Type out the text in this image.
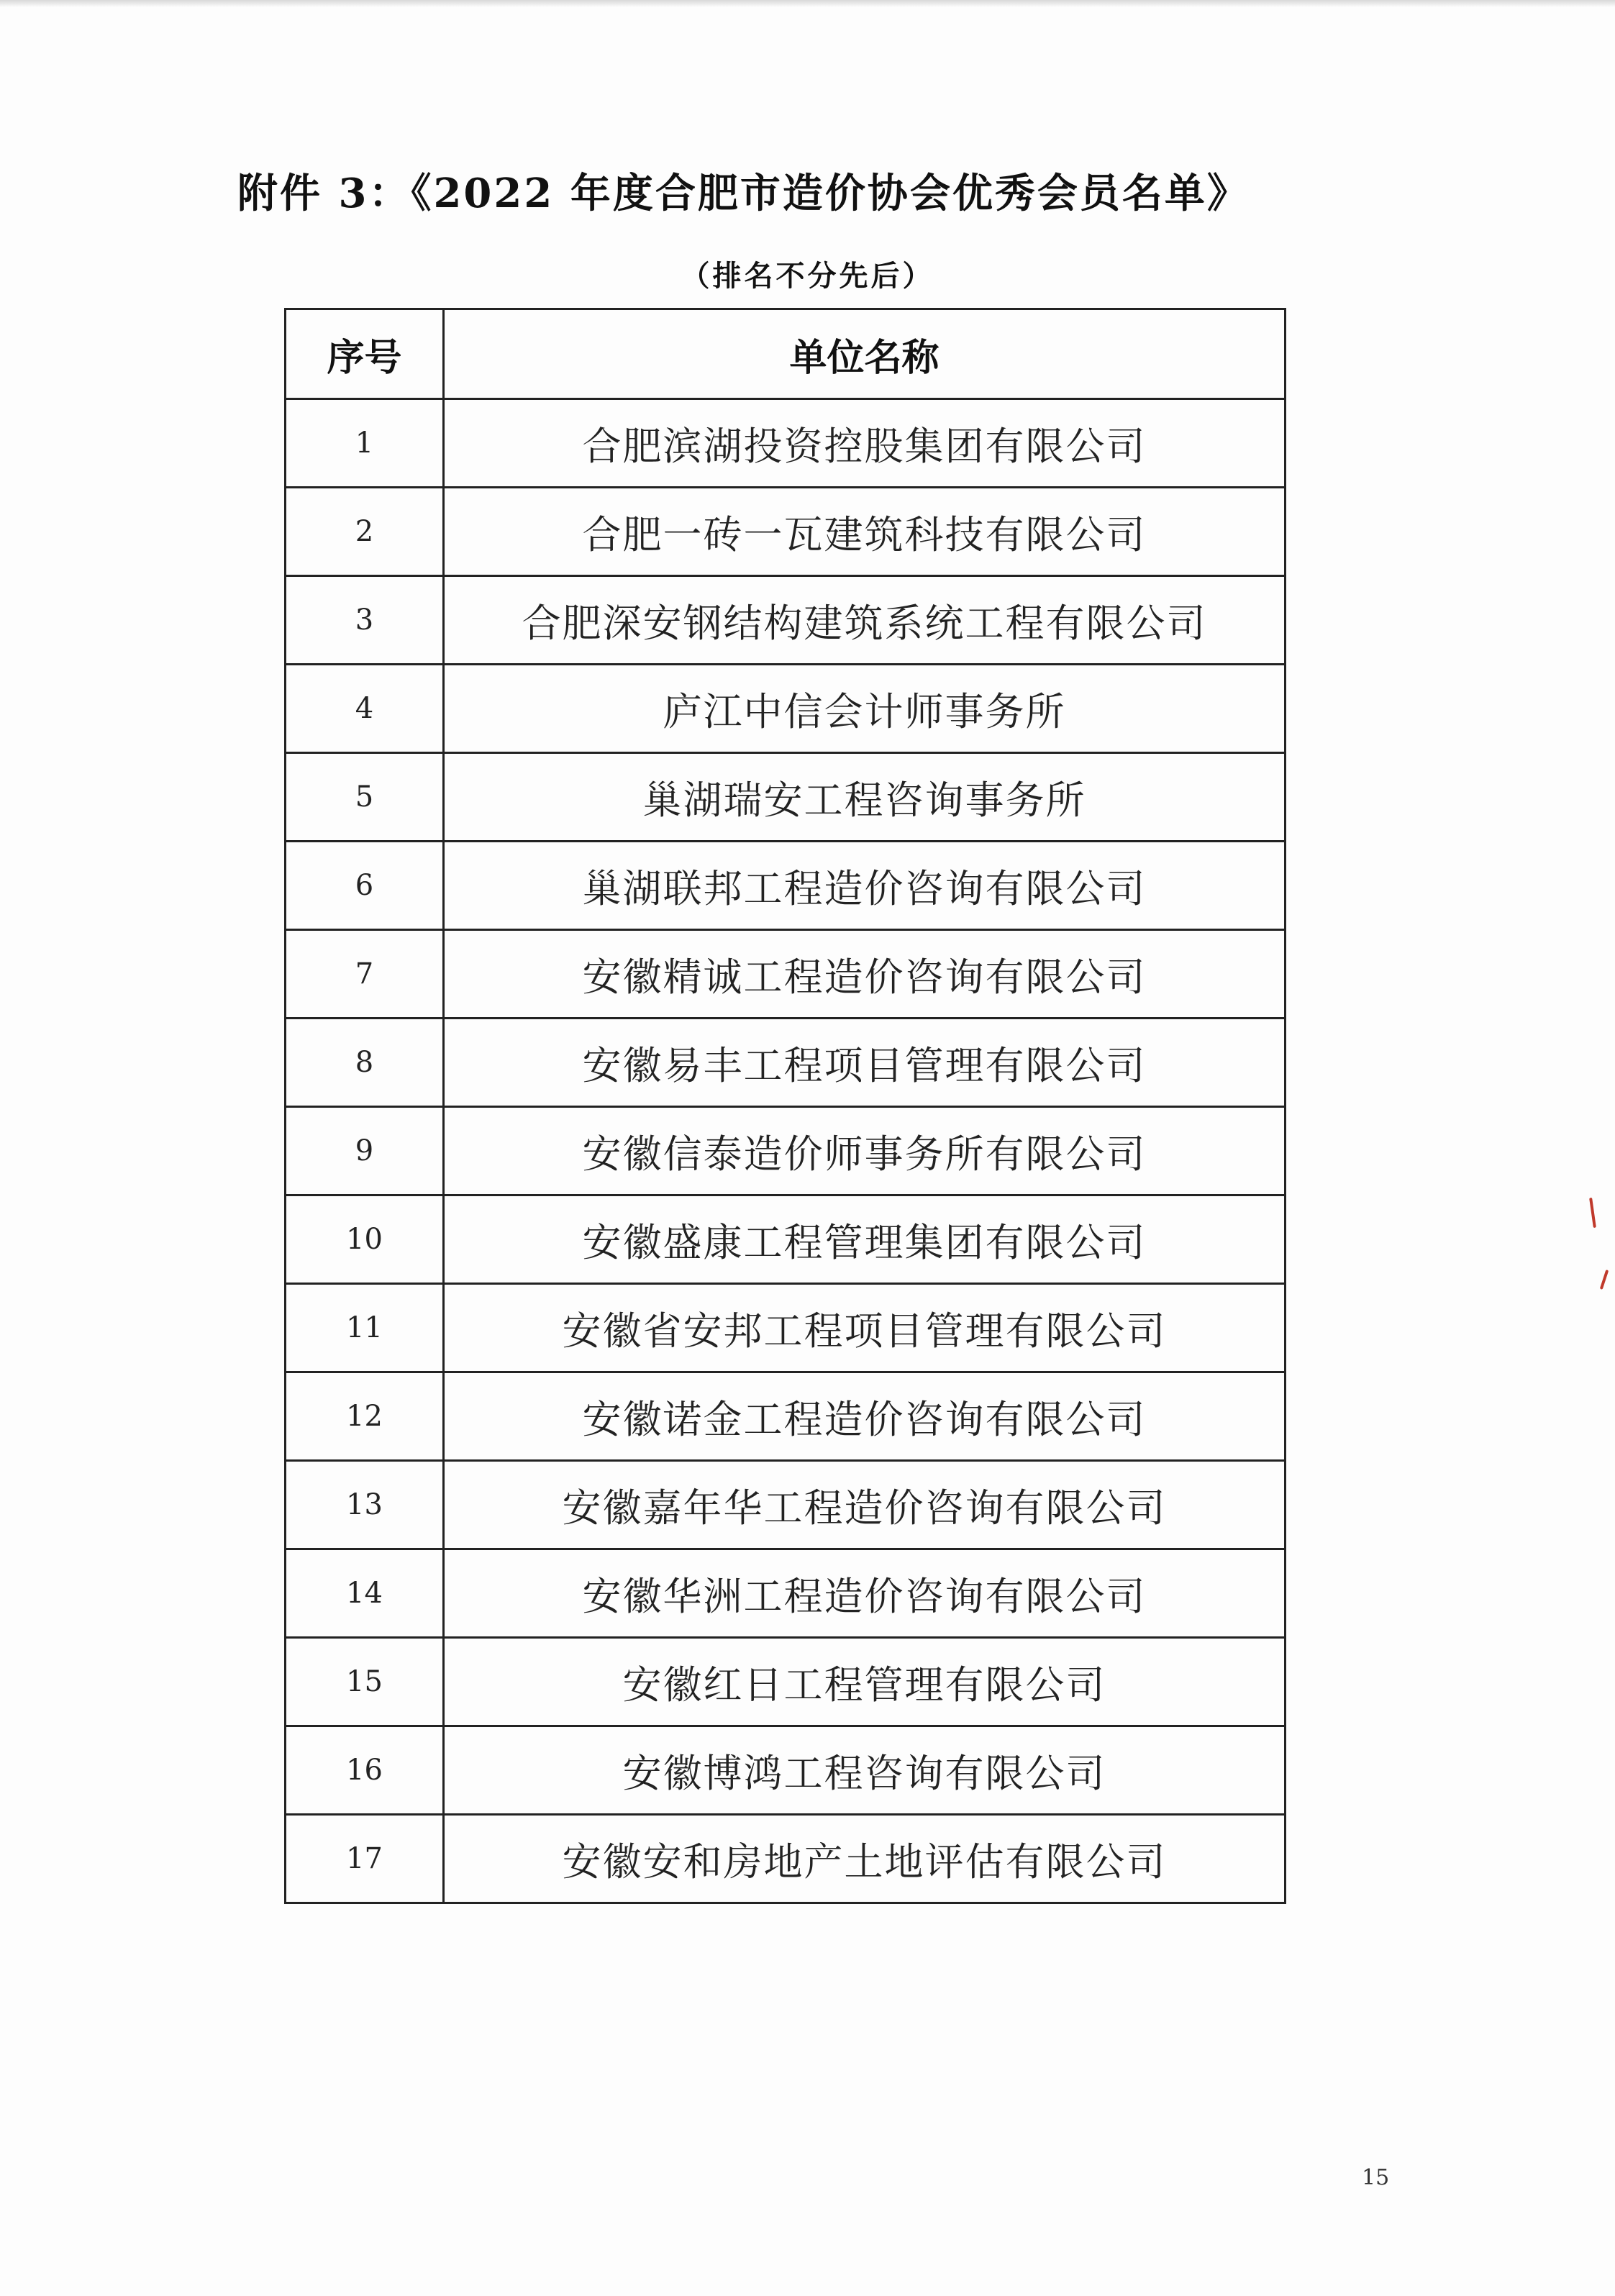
附件 3：《2022 年度合肥市造价协会优秀会员名单》
（排名不分先后）
序号	单位名称
1	合肥滨湖投资控股集团有限公司
2	合肥一砖一瓦建筑科技有限公司
3	合肥深安钢结构建筑系统工程有限公司
4	庐江中信会计师事务所
5	巢湖瑞安工程咨询事务所
6	巢湖联邦工程造价咨询有限公司
7	安徽精诚工程造价咨询有限公司
8	安徽易丰工程项目管理有限公司
9	安徽信泰造价师事务所有限公司
10	安徽盛康工程管理集团有限公司
11	安徽省安邦工程项目管理有限公司
12	安徽诺金工程造价咨询有限公司
13	安徽嘉年华工程造价咨询有限公司
14	安徽华洲工程造价咨询有限公司
15	安徽红日工程管理有限公司
16	安徽博鸿工程咨询有限公司
17	安徽安和房地产土地评估有限公司
15
